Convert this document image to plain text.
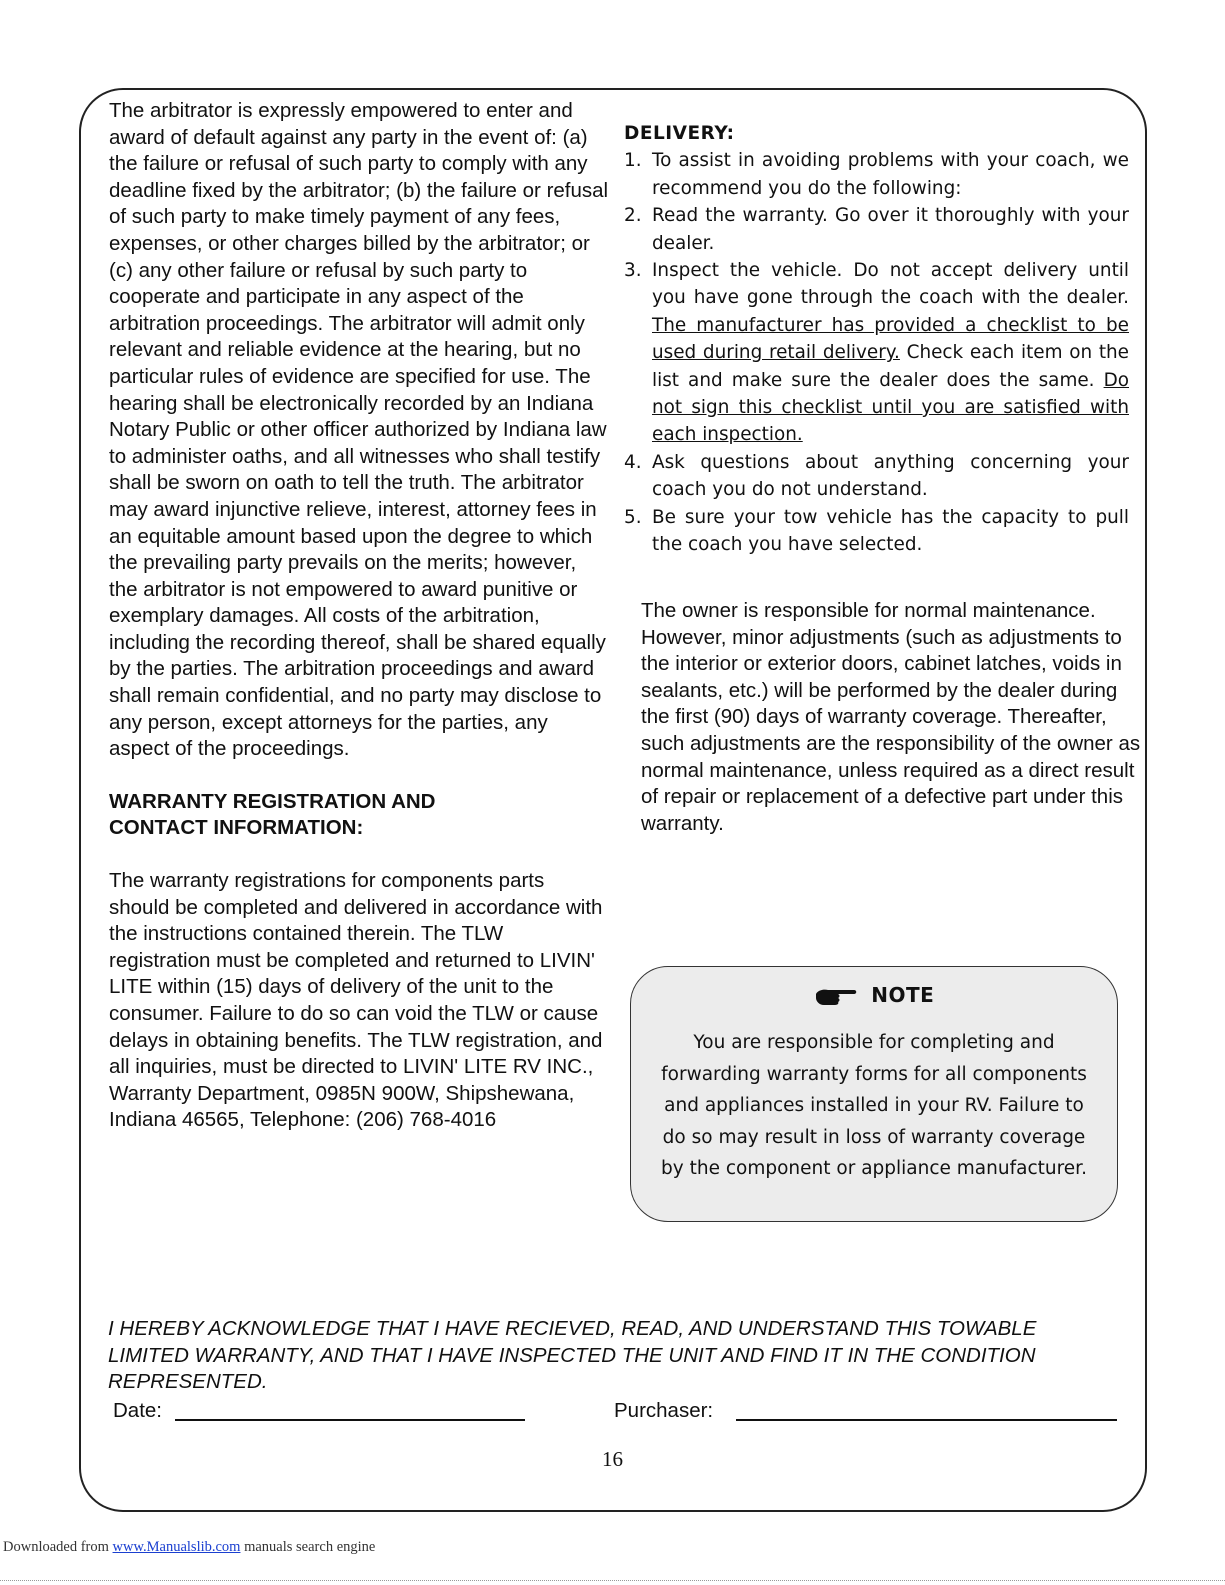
The arbitrator is expressly empowered to enter and award of default against any party in the event of: (a) the failure or refusal of such party to comply with any deadline fixed by the arbitrator; (b) the failure or refusal of such party to make timely payment of any fees, expenses, or other charges billed by the arbitrator; or (c) any other failure or refusal by such party to cooperate and participate in any aspect of the arbitration proceedings. The arbitrator will admit only relevant and reliable evidence at the hearing, but no particular rules of evidence are specified for use. The hearing shall be electronically recorded by an Indiana Notary Public or other officer authorized by Indiana law to administer oaths, and all witnesses who shall testify shall be sworn on oath to tell the truth. The arbitrator may award injunctive relieve, interest, attorney fees in an equitable amount based upon the degree to which the prevailing party prevails on the merits; however, the arbitrator is not empowered to award punitive or exemplary damages. All costs of the arbitration, including the recording thereof, shall be shared equally by the parties. The arbitration proceedings and award shall remain confidential, and no party may disclose to any person, except attorneys for the parties, any aspect of the proceedings.

WARRANTY REGISTRATION AND
CONTACT INFORMATION:

The warranty registrations for components parts should be completed and delivered in accordance with the instructions contained therein. The TLW registration must be completed and returned to LIVIN' LITE within (15) days of delivery of the unit to the consumer. Failure to do so can void the TLW or cause delays in obtaining benefits. The TLW registration, and all inquiries, must be directed to LIVIN' LITE RV INC., Warranty Department, 0985N 900W, Shipshewana, Indiana 46565, Telephone: (206) 768-4016

DELIVERY:

1. To assist in avoiding problems with your coach, we recommend you do the following:
2. Read the warranty. Go over it thoroughly with your dealer.
3. Inspect the vehicle. Do not accept delivery until you have gone through the coach with the dealer. The manufacturer has provided a checklist to be used during retail delivery. Check each item on the list and make sure the dealer does the same. Do not sign this checklist until you are satisfied with each inspection.
4. Ask questions about anything concerning your coach you do not understand.
5. Be sure your tow vehicle has the capacity to pull the coach you have selected.

The owner is responsible for normal maintenance. However, minor adjustments (such as adjustments to the interior or exterior doors, cabinet latches, voids in sealants, etc.) will be performed by the dealer during the first (90) days of warranty coverage. Thereafter, such adjustments are the responsibility of the owner as normal maintenance, unless required as a direct result of repair or replacement of a defective part under this warranty.

NOTE
You are responsible for completing and
forwarding warranty forms for all components
and appliances installed in your RV. Failure to
do so may result in loss of warranty coverage
by the component or appliance manufacturer.

I HEREBY ACKNOWLEDGE THAT I HAVE RECIEVED, READ, AND UNDERSTAND THIS TOWABLE LIMITED WARRANTY, AND THAT I HAVE INSPECTED THE UNIT AND FIND IT IN THE CONDITION REPRESENTED.

Date:	Purchaser:
16
Downloaded from www.Manualslib.com manuals search engine
